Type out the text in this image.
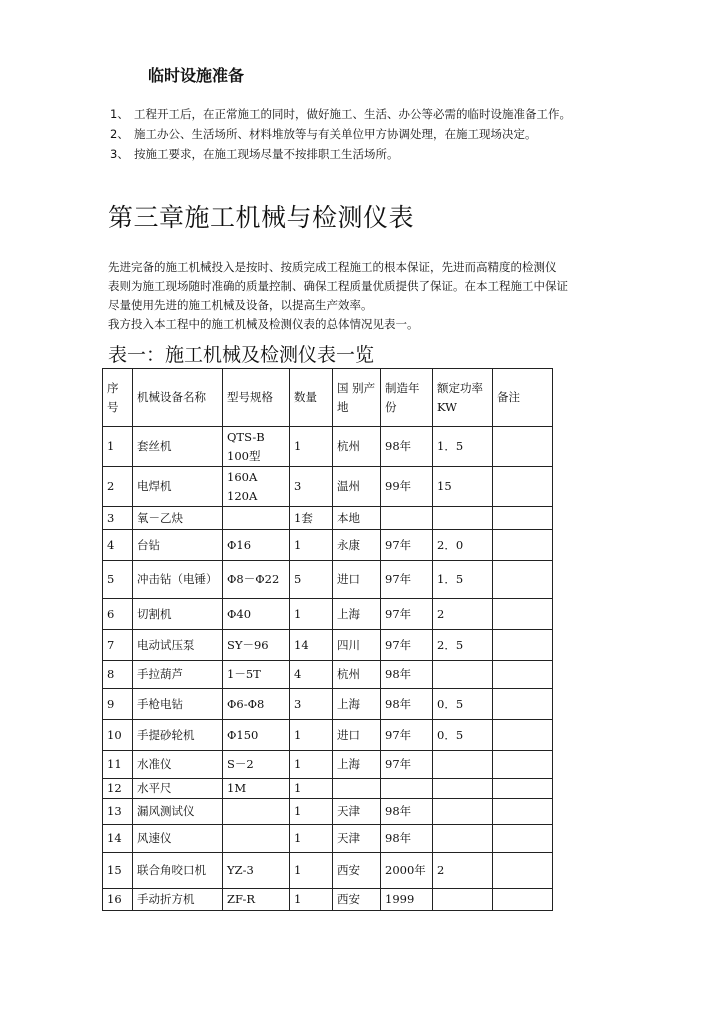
临时设施准备
1、 工程开工后，在正常施工的同时，做好施工、生活、办公等必需的临时设施准备工作。
2、 施工办公、生活场所、材料堆放等与有关单位甲方协调处理，在施工现场决定。
3、 按施工要求，在施工现场尽量不按排职工生活场所。
第三章施工机械与检测仪表
先进完备的施工机械投入是按时、按质完成工程施工的根本保证，先进而高精度的检测仪
表则为施工现场随时准确的质量控制、确保工程质量优质提供了保证。在本工程施工中保证
尽量使用先进的施工机械及设备，以提高生产效率。
我方投入本工程中的施工机械及检测仪表的总体情况见表一。
表一：施工机械及检测仪表一览
序号	机械设备名称	型号规格	数量	国 别产地	制造年份	额定功率KW	备注
1	套丝机	QTS-B 100型	1	杭州	98年	1．5	
2	电焊机	160A 120A	3	温州	99年	15	
3	氧－乙炔		1套	本地			
4	台钻	Φ16	1	永康	97年	2．0	
5	冲击钻（电锤）	Φ8－Φ22	5	进口	97年	1．5	
6	切割机	Φ40	1	上海	97年	2	
7	电动试压泵	SY－96	14	四川	97年	2．5	
8	手拉葫芦	1－5T	4	杭州	98年		
9	手枪电钻	Φ6-Φ8	3	上海	98年	0．5	
10	手提砂轮机	Φ150	1	进口	97年	0．5	
11	水准仪	S－2	1	上海	97年		
12	水平尺	1M	1				
13	漏风测试仪		1	天津	98年		
14	风速仪		1	天津	98年		
15	联合角咬口机	YZ-3	1	西安	2000年	2	
16	手动折方机	ZF-R	1	西安	1999		
